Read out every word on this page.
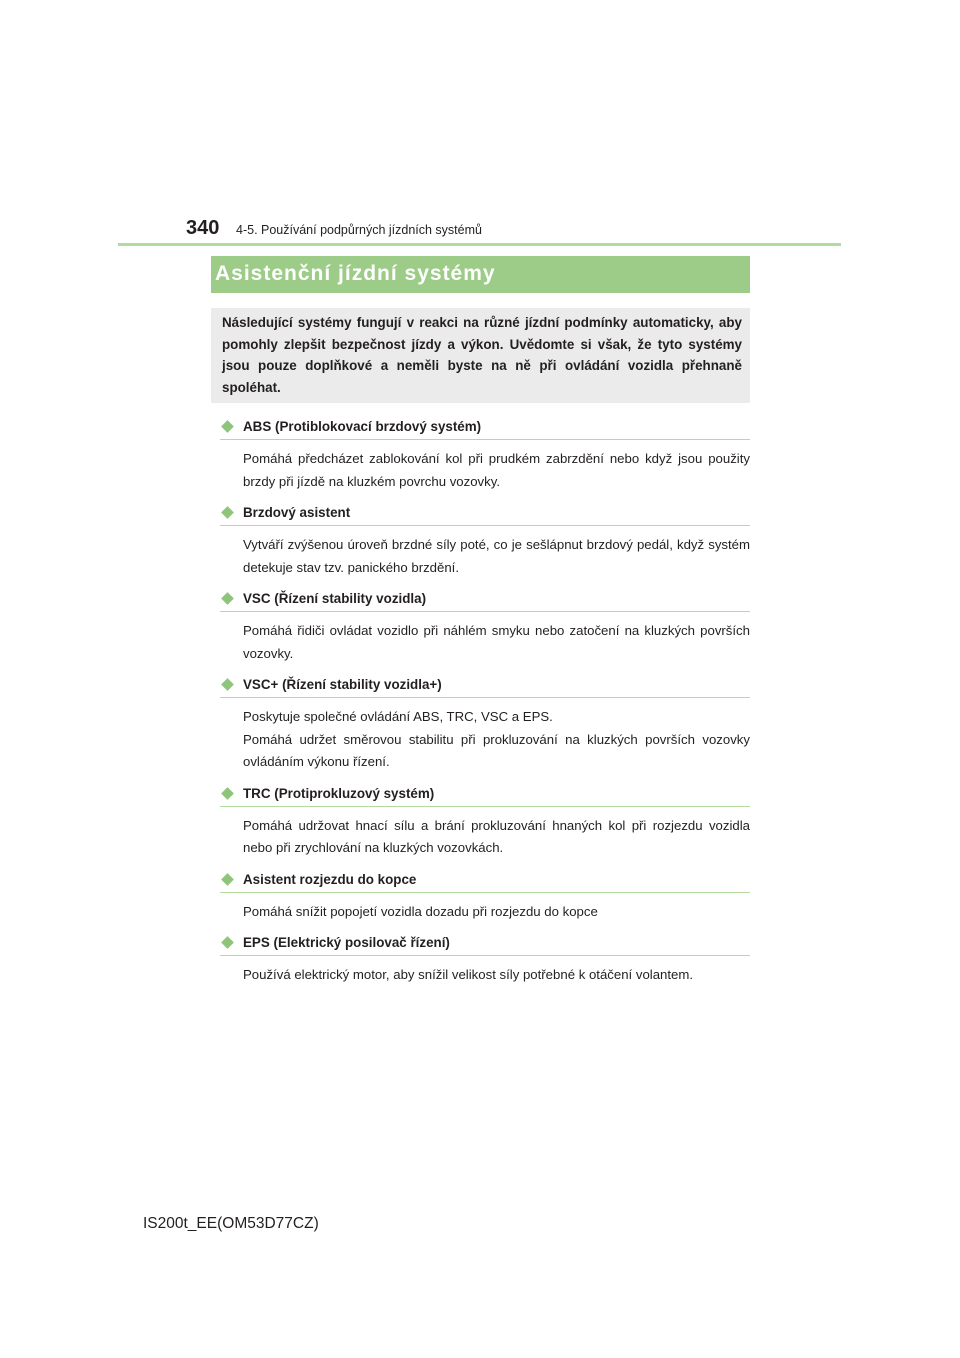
340 4-5. Používání podpůrných jízdních systémů
Asistenční jízdní systémy
Následující systémy fungují v reakci na různé jízdní podmínky automaticky, aby pomohly zlepšit bezpečnost jízdy a výkon. Uvědomte si však, že tyto systémy jsou pouze doplňkové a neměli byste na ně při ovládání vozidla přehnaně spoléhat.
ABS (Protiblokovací brzdový systém)
Pomáhá předcházet zablokování kol při prudkém zabrzdění nebo když jsou použity brzdy při jízdě na kluzkém povrchu vozovky.
Brzdový asistent
Vytváří zvýšenou úroveň brzdné síly poté, co je sešlápnut brzdový pedál, když systém detekuje stav tzv. panického brzdění.
VSC (Řízení stability vozidla)
Pomáhá řidiči ovládat vozidlo při náhlém smyku nebo zatočení na kluzkých površích vozovky.
VSC+ (Řízení stability vozidla+)
Poskytuje společné ovládání ABS, TRC, VSC a EPS.
Pomáhá udržet směrovou stabilitu při prokluzování na kluzkých površích vozovky ovládáním výkonu řízení.
TRC (Protiprokluzový systém)
Pomáhá udržovat hnací sílu a brání prokluzování hnaných kol při rozjezdu vozidla nebo při zrychlování na kluzkých vozovkách.
Asistent rozjezdu do kopce
Pomáhá snížit popojetí vozidla dozadu při rozjezdu do kopce
EPS (Elektrický posilovač řízení)
Používá elektrický motor, aby snížil velikost síly potřebné k otáčení volantem.
IS200t_EE(OM53D77CZ)
